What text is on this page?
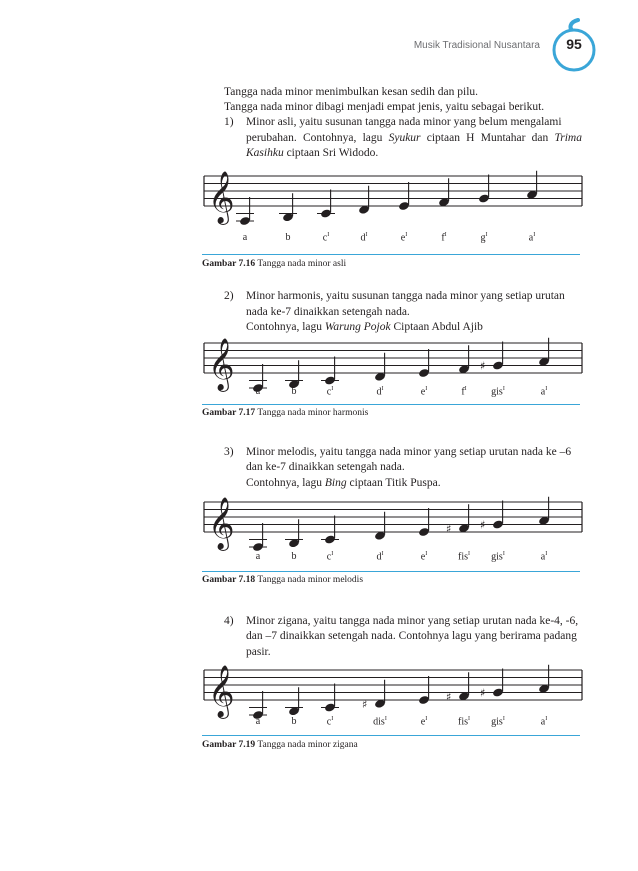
Musik Tradisional Nusantara	95

Tangga nada minor menimbulkan kesan sedih dan pilu.

Tangga nada minor dibagi menjadi empat jenis, yaitu sebagai berikut.

1) Minor asli, yaitu susunan tangga nada minor yang belum mengalami

perubahan. Contohnya, lagu Syukur ciptaan H Muntahar dan Trima

Kasihku ciptaan Sri Widodo.

𝄞
a	b	$c^I$	$d^I$	$e^I$	$f^I$	$g^I$	$a^I$
Gambar 7.16 Tangga nada minor asli
2) Minor harmonis, yaitu susunan tangga nada minor yang setiap urutan

nada ke-7 dinaikkan setengah nada.

Contohnya, lagu Warung Pojok Ciptaan Abdul Ajib

𝄞	♯
a	b	$c^I$	$d^I$	$e^I$	$f^I$	gis$^I$	$a^I$
Gambar 7.17 Tangga nada minor harmonis
3) Minor melodis, yaitu tangga nada minor yang setiap urutan nada ke –6

dan ke-7 dinaikkan setengah nada.

Contohnya, lagu Bing ciptaan Titik Puspa.

𝄞	♯	♯
a	b	$c^I$	$d^I$	$e^I$	fis$^I$	gis$^I$	$a^I$
Gambar 7.18 Tangga nada minor melodis
4) Minor zigana, yaitu tangga nada minor yang setiap urutan nada ke-4, -6,

dan –7 dinaikkan setengah nada. Contohnya lagu yang berirama padang

pasir.

𝄞	♯
♯	♯
a	b	$c^I$	dis$^I$	$e^I$	fis$^I$	gis$^I$	$a^I$
Gambar 7.19 Tangga nada minor zigana
